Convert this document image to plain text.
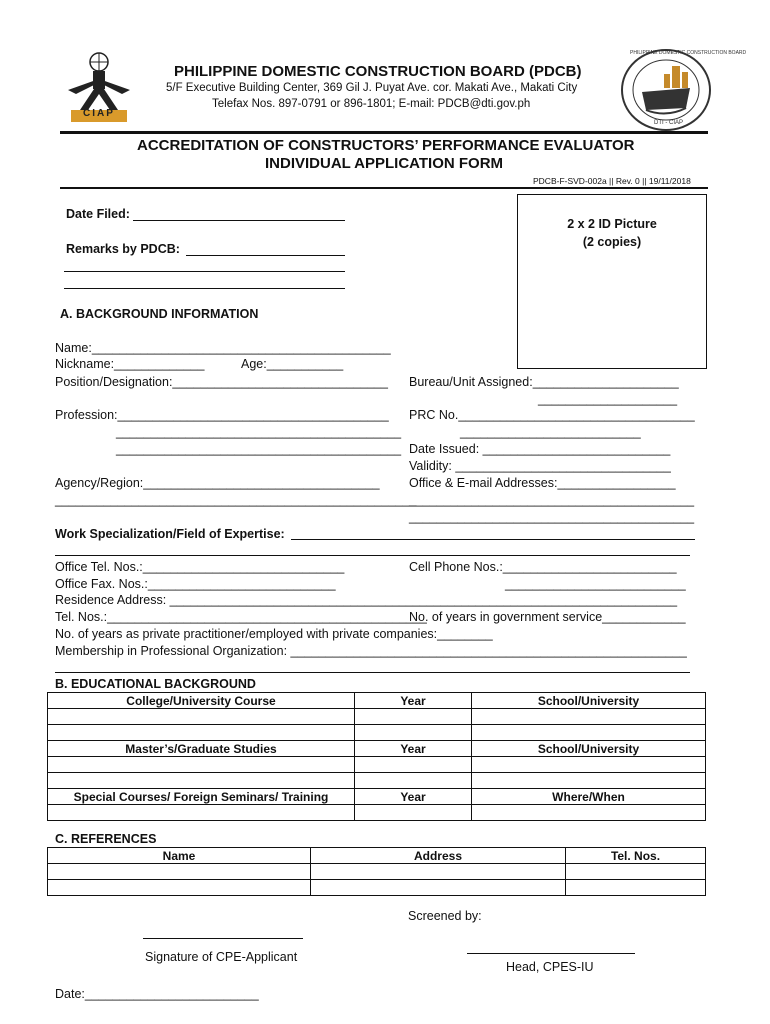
CIAP
PHILIPPINE DOMESTIC CONSTRUCTION BOARD
DTI - CIAP
PHILIPPINE DOMESTIC CONSTRUCTION BOARD (PDCB)
5/F Executive Building Center, 369 Gil J. Puyat Ave. cor. Makati Ave., Makati City
Telefax Nos. 897-0791 or 896-1801; E-mail: PDCB@dti.gov.ph
ACCREDITATION OF CONSTRUCTORS’ PERFORMANCE EVALUATOR
INDIVIDUAL APPLICATION FORM
PDCB-F-SVD-002a || Rev. 0 || 19/11/2018
Date Filed:
Remarks by PDCB:
2 x 2 ID Picture
(2 copies)
A. BACKGROUND INFORMATION
Name:___________________________________________
Nickname:_____________	Age:___________
Position/Designation:_______________________________ Bureau/Unit Assigned:_____________________
____________________
Profession:_______________________________________ PRC No.__________________________________
_________________________________________	__________________________
_________________________________________ Date Issued: ___________________________
Validity: _______________________________
Agency/Region:__________________________________ Office & E-mail Addresses:_________________
____________________________________________________
_________________________________________
_________________________________________
Work Specialization/Field of Expertise:
Office Tel. Nos.:_____________________________	Cell Phone Nos.:_________________________
Office Fax. Nos.:___________________________	__________________________
Residence Address: _________________________________________________________________________
Tel. Nos.:______________________________________________
No. of years in government service____________
No. of years as private practitioner/employed with private companies:________
Membership in Professional Organization: _________________________________________________________
B. EDUCATIONAL BACKGROUND
College/University Course	Year	School/University

Master’s/Graduate Studies	Year	School/University

Special Courses/ Foreign Seminars/ Training	Year	Where/When

C. REFERENCES
Name	Address	Tel. Nos.

Screened by:
Signature of CPE-Applicant
Head, CPES-IU
Date:_________________________
